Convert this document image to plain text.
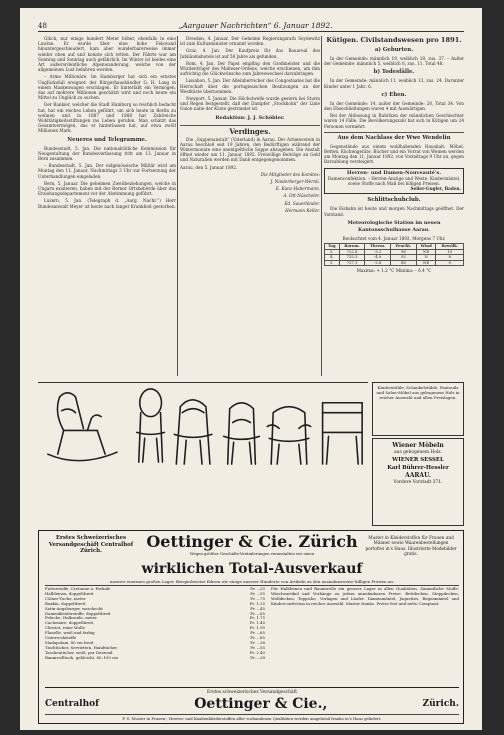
48	„Aargauer Nachrichten“ 6. Januar 1892.
Glück, nur einige hundert Meter höher, ebenfalls in eine Lawine. Er wurde über eine hohe Felswand hinuntergeschleudert, kam aber wunderbarerweise immer wieder oben auf und konnte sich retten. Der Fährte war am Sonntag und Sonntag auch gefährlich. Im Winter ist beides eine Art außerordentliche Alpenwanderung, welche von der allgemeinen Lust befahren werden.
– Arme Millionäre. Im Hamburger hat sich ein ernstes Unglücksfall ereignet: der Bürgerhaushändler G. H. Lang in einem Maskenwagen erschlagen. Er hinterläßt ein Vermögen, das auf mehrere Millionen geschätzt wird und noch heute ein Mittel zu Unglück zu suchen.
Der Bankier, welcher die Stadt Hamburg so reichlich bedacht hat, hat ein reiches Leben geführt, um sich heute in Berlin zu wohnen und in 1887 und 1888 hat Zahlreiche Wohltätigkeitsstiftungen ins Leben gerufen. Man schätzt das Gesamtvermögen, das er hinterlassen hat, auf etwa zwölf Millionen Mark.
Neueres und Telegramme.
Bundesstadt, 5. Jan. Die nationalrätliche Kommission für Neugestaltung der Bundesverfassung tritt am 13. Januar in Bern zusammen.
– Bundesstadt, 5. Jan. Der eidgenössische Militär wird am Montag den 11. Januar, Nachmittags 3 Uhr zur Fortsetzung der Unterhandlungen eingeladen.
Bern, 5. Januar. Die geheimen Zweitbeziehungen, welche in Ungarn existieren, haben mit der Berner Ortsbehörde über das Erziehungsdepartement vor der Abstimmung geführt.
Luzern, 5. Jan. (Telegraph d. „Aarg. Nachr.“) Herr Bundesanwalt Meyer ist heute nach langer Krankheit gestorben.
Dresden, 4. Januar. Der Geheime Regierungsrath Seydewitz ist zum Kultusminister ernannt worden.
Graz, 4. Jan. Der Kaufpreis für das Bauareal des Jubiläumshotels ist auf 58 Jahre als gefunden.
Rom, 4. Jan. Der Papst empfing den Großmeister und die Würdenträger des Malteser-Ordens, welche erschienen, um ihm aufrichtig die Glückwünsche zum Jahreswechsel darzubringen.
Lissabon, 5. Jan. Der Alleinherrscher des Congostaates hat die Herrschaft über die portugiesischen Besitzungen an der Westküste übernommen.
Newport, 5. Januar. Die Höchstwelle wurde gestern bei Sturm und Regen festgestellt, daß der Dampfer „Stockholm“ der Linie Guion nahe der Küste gestrandet ist.
Redaktion: J. J. Schöbler.
Verdinges.
Die „Suppenanstalt“ (Vaterland) in Aarau. Der Armenverein in Aarau beschloß seit 19 Jahren, den Bedürftigen während der Wintermonate eine unentgeltliche Suppe abzugeben. Die Anstalt öffnet wieder am 11. Januar 1892. Freiwillige Beiträge an Geld und Naturalien werden mit Dank entgegengenommen.
Aarau, den 5. Januar 1892.
Die Mitglieder des Komites:
J. Niederberger-Wernli.
E. Kunz-Habermann.
A. Ott-Nüscheler.
Ed. Sauerländer.
Hermann Keller.
Kütigen. Civilstandswesen pro 1891.
a) Geburten.
In der Gemeinde: männlich 19, weiblich 18, zus. 37. – Außer der Gemeinde: männlich 5, weiblich 6, zus. 11. Total 48.
b) Todesfälle.
In der Gemeinde: männlich 11, weiblich 13, zus. 24. Darunter Kinder unter 1 Jahr: 6.
c) Ehen.
In der Gemeinde: 14, außer der Gemeinde: 20, Total 34. Von den Eheschließungen waren 4 mit Auswärtigen.
Bei der Abfassung in Rubriken der männlichen Geschlechter waren 14 Fälle. Die Bevölkerungszahl hat sich in Kütigen um 24 Personen vermehrt.
Aus dem Nachlass der Wwe Wendelin
Gegenstände aus einem wohlhabenden Haushalt: Möbel, Betten, Küchengeräte, Bücher und ein Vorrat von Weinen werden am Montag den 11. Januar 1892, von Vormittags 9 Uhr an, gegen Barzahlung versteigert.
Herren- und Damen-Nouveauté's.
Damenconfektion. – Herren-Anzüge und Weste, Kindermäntel, sowie Stoffe nach Maß bei billigen Preisen.
Seiler-Gugler, Baden.
Schlittschuhclub.
Die Eisbahn ist heute und morgen Nachmittags geöffnet. Der Vorstand.
Meteorologische Station im neuen Kantonsschulhause Aarau.
Beobachtet vom 4. Januar 1892, Morgens 7 Uhr.
Tag	Barom.	Therm.	Feucht.	Wind	Bewölk.
3.	722.6	-3.2	96	NE	10
4.	725.3	-4.0	92	N	8
5.	727.1	-2.8	88	NE	9
Maxima: + 1.2 °C Minima: – 6.4 °C
Kinderstühle, Schaukelstühle, Fauteuils und Salon-Möbel aus gebogenem Holz in reicher Auswahl und allen Preislagen.
Wiener Möbeln
aus gebogenem Holz.
WIENER SESSEL
Karl Bührer-Hessler
AARAU.
Vordere Vorstadt 371.
Erstes Schweizerisches Versandgeschäft Centralhof Zürich.
Oettinger & Cie. Zürich
Wegen größter Geschäfts-Veränderungen veranstalten wir einen
wirklichen Total-Ausverkauf
Muster in Kleiderstoffen für Frauen und Männer sowie Waarenbestellungen portofrei in's Haus. Illustrierte Modebilder gratis.
unserer enormen großen Lager. Beispielsweise führen wir einige unserer Hunderte von Artikeln zu den ausnahmsweise billigen Preisen an:
Futterstoffe, Cretonne u. Perkale	Fr. –.25
Halbleinen, doppeltbreit	Fr. –.55
Cölner-Tuche, meter	Fr. –.75
Buxkin, doppeltbreit	Fr. 1.25
Satin-Augsburger, waschecht	Fr. –.45
Damenkleiderstoffe, doppeltbreit	Fr. –.65
Peluche, Halbseide, meter	Fr. 1.75
Cachemire, doppeltbreit	Fr. 1.45
Cheviot, reine Wolle	Fr. 1.95
Flanelle, weiß und farbig	Fr. –.65
Unterrockstoffe	Fr. –.85
Madapolam, 80 cm breit	Fr. –.38
Tischtücher, Servietten, Handtücher	Fr. –.55
Taschentücher, weiß, per Dutzend	Fr. 2.40
Baumwolltuch, gebleicht, 80–100 cm	Fr. –.28
Für Halbleinen und Baumwolle ein grosses Lager in allen Qualitäten. Sämmtliche Stoffe, Wäscheartikel und Vorhänge zu jedem annehmbaren Preise. Bettdecken, Steppdecken, Wolldecken, Teppiche, Vorlagen und Läufer. Damenmäntel, Jaquettes, Regenmäntel und Kinderconfection in reicher Auswahl. Muster franko. Preise fest und netto Comptant.
Erstes schweizerisches Versandgeschäft
Centralhof	Oettinger & Cie.,	Zürich.
P. S. Muster in Frauen-, Herren- und Knabenkleiderstoffen aller vorhandenen Qualitäten werden umgehend franko in's Haus geliefert.
